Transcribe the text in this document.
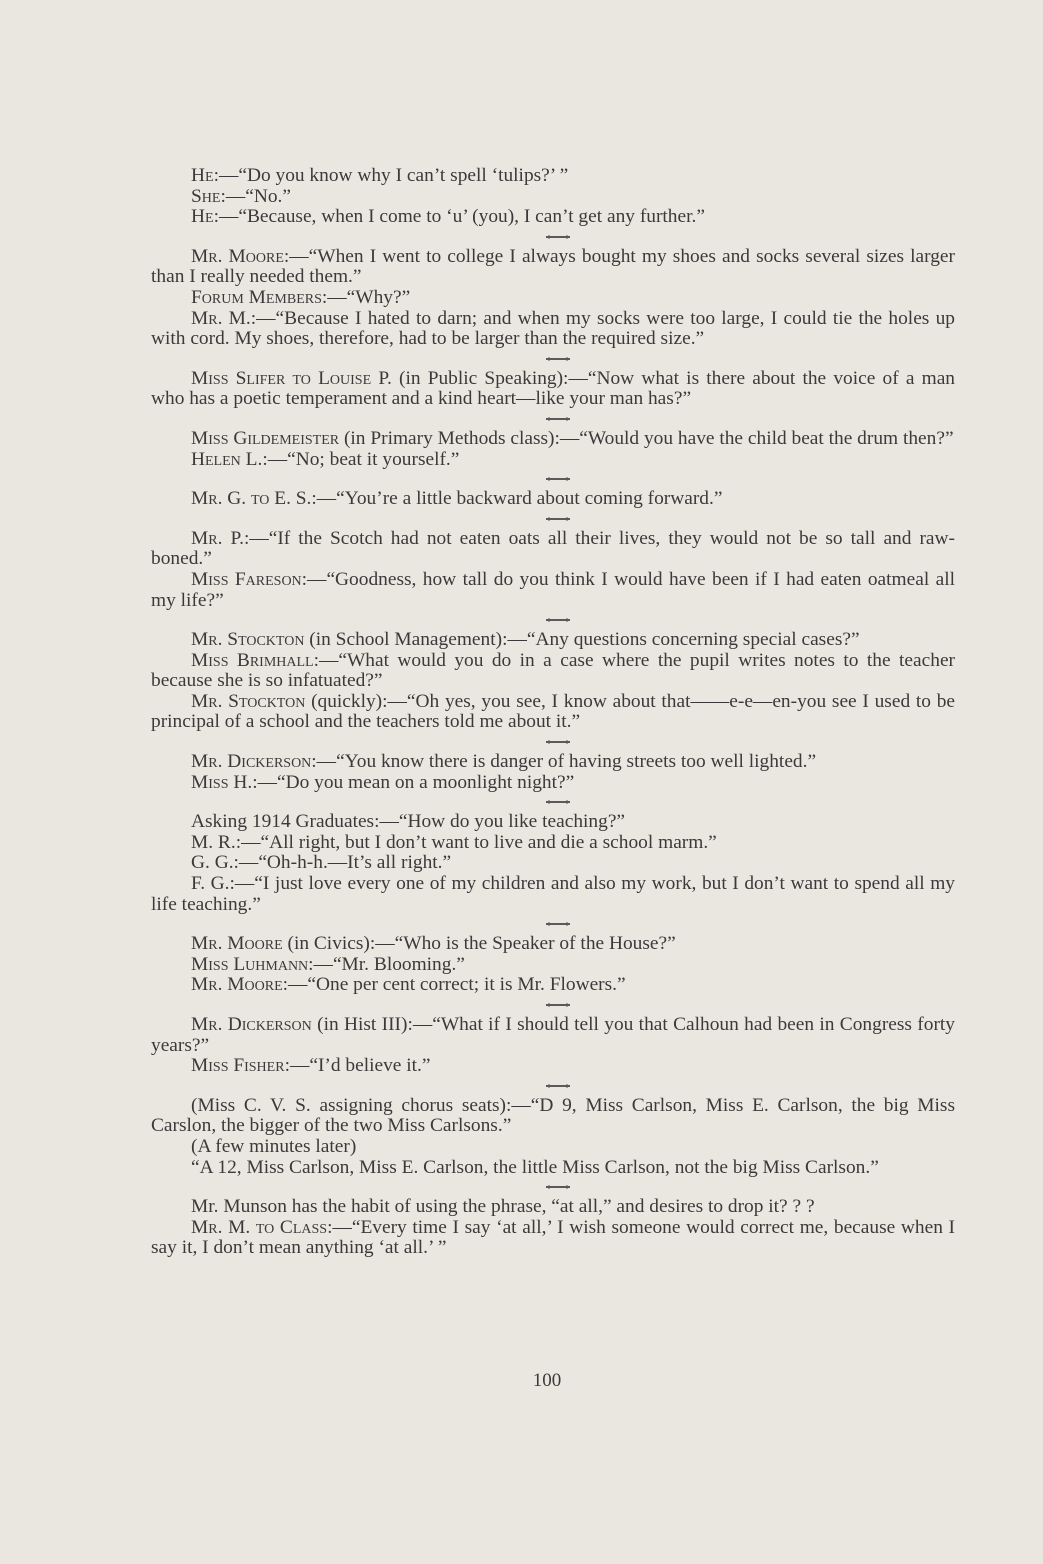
He:—“Do you know why I can’t spell ‘tulips?’ ”

She:—“No.”

He:—“Because, when I come to ‘u’ (you), I can’t get any further.”

Mr. Moore:—“When I went to college I always bought my shoes and socks several sizes larger than I really needed them.”

Forum Members:—“Why?”

Mr. M.:—“Because I hated to darn; and when my socks were too large, I could tie the holes up with cord. My shoes, therefore, had to be larger than the required size.”

Miss Slifer to Louise P. (in Public Speaking):—“Now what is there about the voice of a man who has a poetic temperament and a kind heart—like your man has?”

Miss Gildemeister (in Primary Methods class):—“Would you have the child beat the drum then?”

Helen L.:—“No; beat it yourself.”

Mr. G. to E. S.:—“You’re a little backward about coming forward.”

Mr. P.:—“If the Scotch had not eaten oats all their lives, they would not be so tall and raw-boned.”

Miss Fareson:—“Goodness, how tall do you think I would have been if I had eaten oatmeal all my life?”

Mr. Stockton (in School Management):—“Any questions concerning special cases?”

Miss Brimhall:—“What would you do in a case where the pupil writes notes to the teacher because she is so infatuated?”

Mr. Stockton (quickly):—“Oh yes, you see, I know about that——e-e—en-you see I used to be principal of a school and the teachers told me about it.”

Mr. Dickerson:—“You know there is danger of having streets too well lighted.”

Miss H.:—“Do you mean on a moonlight night?”

Asking 1914 Graduates:—“How do you like teaching?”

M. R.:—“All right, but I don’t want to live and die a school marm.”

G. G.:—“Oh-h-h.—It’s all right.”

F. G.:—“I just love every one of my children and also my work, but I don’t want to spend all my life teaching.”

Mr. Moore (in Civics):—“Who is the Speaker of the House?”

Miss Luhmann:—“Mr. Blooming.”

Mr. Moore:—“One per cent correct; it is Mr. Flowers.”

Mr. Dickerson (in Hist III):—“What if I should tell you that Calhoun had been in Congress forty years?”

Miss Fisher:—“I’d believe it.”

(Miss C. V. S. assigning chorus seats):—“D 9, Miss Carlson, Miss E. Carlson, the big Miss Carslon, the bigger of the two Miss Carlsons.”

(A few minutes later)

“A 12, Miss Carlson, Miss E. Carlson, the little Miss Carlson, not the big Miss Carlson.”

Mr. Munson has the habit of using the phrase, “at all,” and desires to drop it? ? ?

Mr. M. to Class:—“Every time I say ‘at all,’ I wish someone would correct me, because when I say it, I don’t mean anything ‘at all.’ ”

100
